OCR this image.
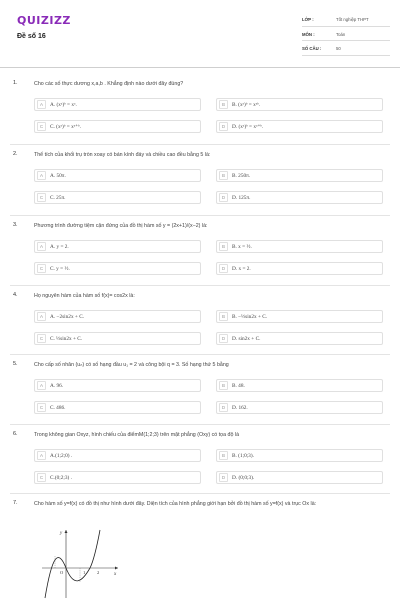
QUIZIZZ
Đề số 16
LỚP :	Tốt nghiệp THPT
MÔN :	Toán
SỐ CÂU :	50
1.	Cho các số thực dương x,a,b . Khẳng định nào dưới đây đúng?
A	A. (xᵃ)ᵇ = xᵃ.	B	B. (xᵃ)ᵇ = xᵃᵇ.
C	C. (xᵃ)ᵇ = xᵃ⁺ᵇ.	D	D. (xᵃ)ᵇ = xᵃ⁺ᵇ.
2.	Thể tích của khối trụ tròn xoay có bán kính đáy và chiều cao đều bằng 5 là:
A	A. 50π.	B	B. 250π.
C	C. 25π.	D	D. 125π.
3.	Phương trình đường tiệm cận đứng của đồ thị hàm số y = (2x+1)/(x−2) là:
A	A. y = 2.	B	B. x = ½.
C	C. y = ½.	D	D. x = 2.
4.	Họ nguyên hàm của hàm số f(x)= cos2x là:
A	A. −2sin2x + C.	B	B. −½sin2x + C.
C	C. ½sin2x + C.	D	D. sin2x + C.
5.	Cho cấp số nhân (uₙ) có số hạng đầu u₁ = 2 và công bội q = 3. Số hạng thứ 5 bằng
A	A. 96.	B	B. 48.
C	C. 486.	D	D. 162.
6.	Trong không gian Oxyz, hình chiếu của điểmM(1;2;3) trên mặt phẳng (Oxy) có tọa độ là
A	A.(1;2;0) .	B	B. (1;0;3).
C	C.(0;2;3) .	D	D. (0;0;3).
7.	Cho hàm số y=f(x) có đồ thị như hình dưới đây. Diện tích của hình phẳng giới hạn bởi đồ thị hàm số y=f(x) và trục Ox là:
y
x
O	1	2
